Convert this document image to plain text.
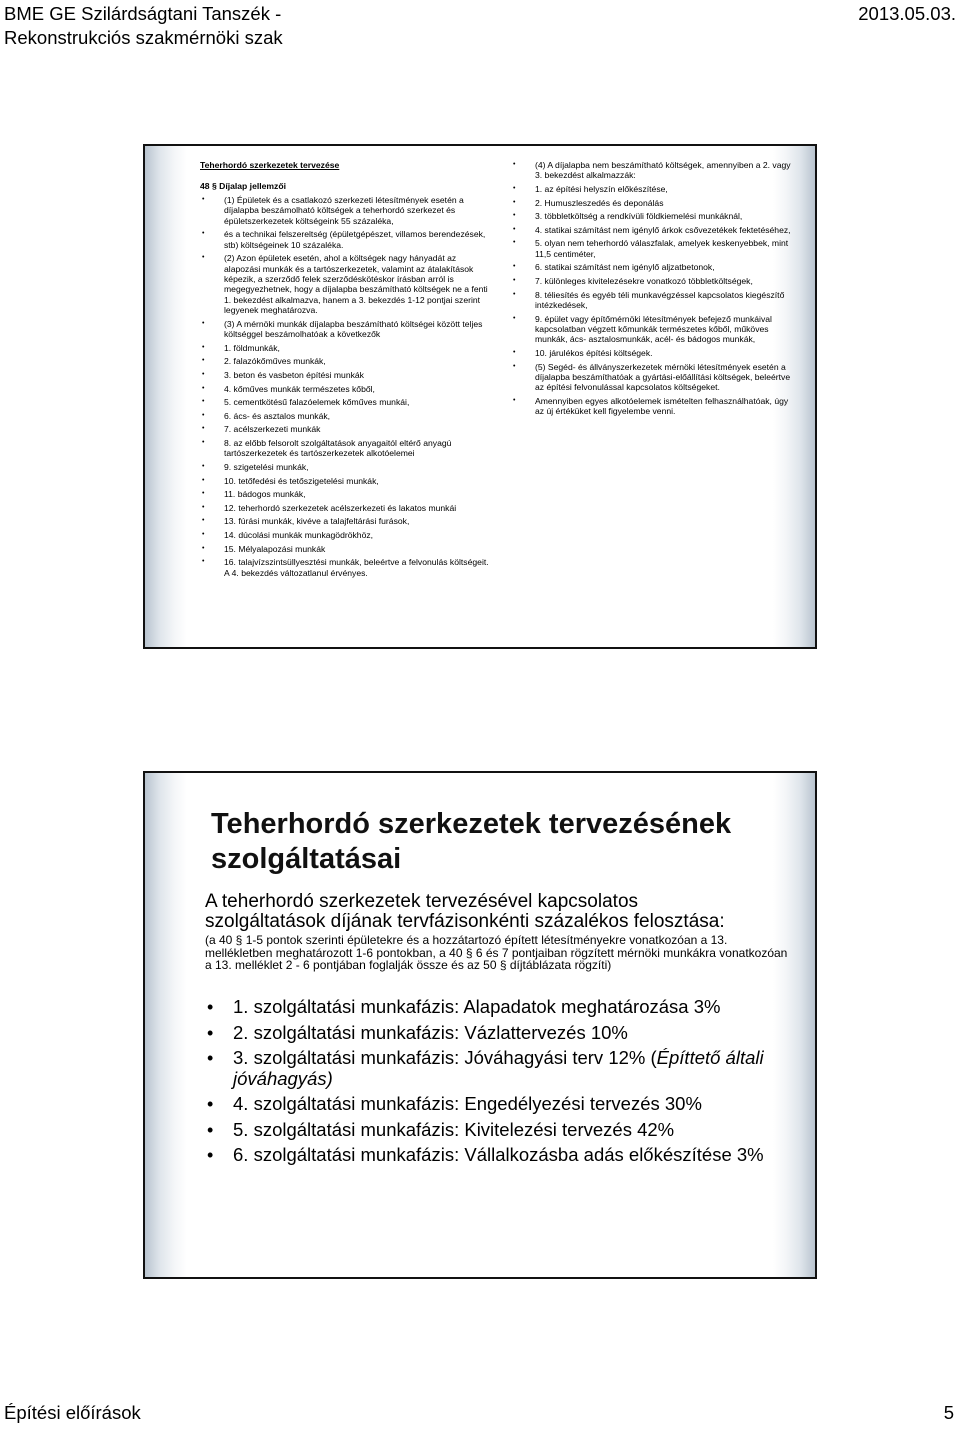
BME GE Szilárdságtani Tanszék -
Rekonstrukciós szakmérnöki szak
2013.05.03.
Teherhordó szerkezetek tervezése
48 § Díjalap jellemzői
• (1) Épületek és a csatlakozó szerkezeti létesítmények esetén a díjalapba beszámolható költségek a teherhordó szerkezet és épületszerkezetek költségeink 55 százaléka,
• és a technikai felszereltség (épületgépészet, villamos berendezések, stb) költségeinek 10 százaléka.
• (2) Azon épületek esetén, ahol a költségek nagy hányadát az alapozási munkák és a tartószerkezetek, valamint az átalakítások képezik, a szerződő felek szerződéskötéskor írásban arról is megegyezhetnek, hogy a díjalapba beszámítható költségek ne a fenti 1. bekezdést alkalmazva, hanem a 3. bekezdés 1-12 pontjai szerint legyenek meghatározva.
• (3) A mérnöki munkák díjalapba beszámítható költségei között teljes költséggel beszámolhatóak a következők
• 1. földmunkák,
• 2. falazókőműves munkák,
• 3. beton és vasbeton építési munkák
• 4. kőműves munkák természetes kőből,
• 5. cementkötésű falazóelemek kőműves munkái,
• 6. ács- és asztalos munkák,
• 7. acélszerkezeti munkák
• 8. az előbb felsorolt szolgáltatások anyagaitól eltérő anyagú tartószerkezetek és tartószerkezetek alkotóelemei
• 9. szigetelési munkák,
• 10. tetőfedési és tetőszigetelési munkák,
• 11. bádogos munkák,
• 12. teherhordó szerkezetek acélszerkezeti és lakatos munkái
• 13. fúrási munkák, kivéve a talajfeltárási furások,
• 14. dúcolási munkák munkagödrökhöz,
• 15. Mélyalapozási munkák
• 16. talajvízszintsüllyesztési munkák, beleértve a felvonulás költségeit. A 4. bekezdés változatlanul érvényes.
• (4) A díjalapba nem beszámítható költségek, amennyiben a 2. vagy 3. bekezdést alkalmazzák:
• 1. az építési helyszín előkészítése,
• 2. Humuszleszedés és deponálás
• 3. többletköltség a rendkívüli földkiemelési munkáknál,
• 4. statikai számítást nem igénylő árkok csővezetékek fektetéséhez,
• 5. olyan nem teherhordó válaszfalak, amelyek keskenyebbek, mint 11,5 centiméter,
• 6. statikai számítást nem igénylő aljzatbetonok,
• 7. különleges kivitelezésekre vonatkozó többletköltségek,
• 8. téliesítés és egyéb téli munkavégzéssel kapcsolatos kiegészítő intézkedések,
• 9. épület vagy építőmérnöki létesítmények befejező munkáival kapcsolatban végzett kőmunkák természetes kőből, műköves munkák, ács- asztalosmunkák, acél- és bádogos munkák,
• 10. járulékos építési költségek.
• (5) Segéd- és állványszerkezetek mérnöki létesítmények esetén a díjalapba beszámíthatóak a gyártási-előállítási költségek, beleértve az építési felvonulással kapcsolatos költségeket.
• Amennyiben egyes alkotóelemek ismételten felhasználhatóak, úgy az új értéküket kell figyelembe venni.
Teherhordó szerkezetek tervezésének
szolgáltatásai
A teherhordó szerkezetek tervezésével kapcsolatos
szolgáltatások díjának tervfázisonkénti százalékos felosztása:
(a 40 § 1-5 pontok szerinti épületekre és a hozzátartozó épített létesítményekre vonatkozóan a 13. mellékletben meghatározott 1-6 pontokban, a 40 § 6 és 7 pontjaiban rögzített mérnöki munkákra vonatkozóan a 13. melléklet 2 - 6 pontjában foglalják össze és az 50 § díjtáblázata rögzíti)
• 1. szolgáltatási munkafázis: Alapadatok meghatározása 3%
• 2. szolgáltatási munkafázis: Vázlattervezés 10%
• 3. szolgáltatási munkafázis: Jóváhagyási terv 12% (Építtető általi jóváhagyás)
• 4. szolgáltatási munkafázis: Engedélyezési tervezés 30%
• 5. szolgáltatási munkafázis: Kivitelezési tervezés 42%
• 6. szolgáltatási munkafázis: Vállalkozásba adás előkészítése 3%
Építési előírások	5
